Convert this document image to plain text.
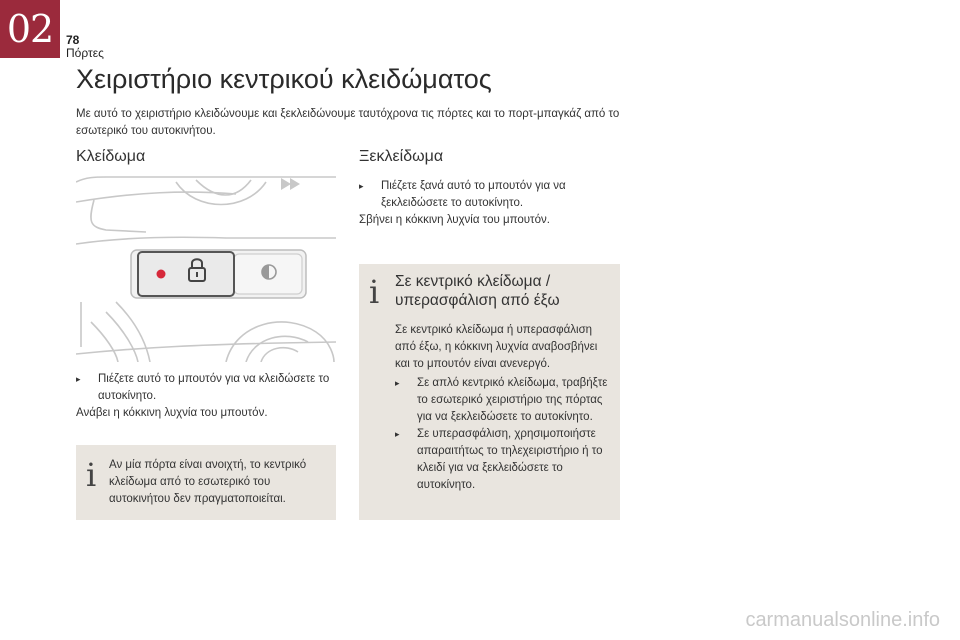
02	78
Πόρτες
Χειριστήριο κεντρικού κλειδώματος

Με αυτό το χειριστήριο κλειδώνουμε και ξεκλειδώνουμε ταυτόχρονα τις πόρτες και το πορτ-μπαγκάζ από το εσωτερικό του αυτοκινήτου.

Κλείδωμα
▸	Πιέζετε αυτό το μπουτόν για να κλειδώσετε το αυτοκίνητο.

Ανάβει η κόκκινη λυχνία του μπουτόν.

i Αν μία πόρτα είναι ανοιχτή, το κεντρικό κλείδωμα από το εσωτερικό του αυτοκινήτου δεν πραγματοποιείται.

Ξεκλείδωμα
▸	Πιέζετε ξανά αυτό το μπουτόν για να ξεκλειδώσετε το αυτοκίνητο.

Σβήνει η κόκκινη λυχνία του μπουτόν.

i Σε κεντρικό κλείδωμα / υπερασφάλιση από έξω

Σε κεντρικό κλείδωμα ή υπερασφάλιση από έξω, η κόκκινη λυχνία αναβοσβήνει και το μπουτόν είναι ανενεργό.

▸	Σε απλό κεντρικό κλείδωμα, τραβήξτε το εσωτερικό χειριστήριο της πόρτας για να ξεκλειδώσετε το αυτοκίνητο.
▸	Σε υπερασφάλιση, χρησιμοποιήστε απαραιτήτως το τηλεχειριστήριο ή το κλειδί για να ξεκλειδώσετε το αυτοκίνητο.
carmanualsonline.info
